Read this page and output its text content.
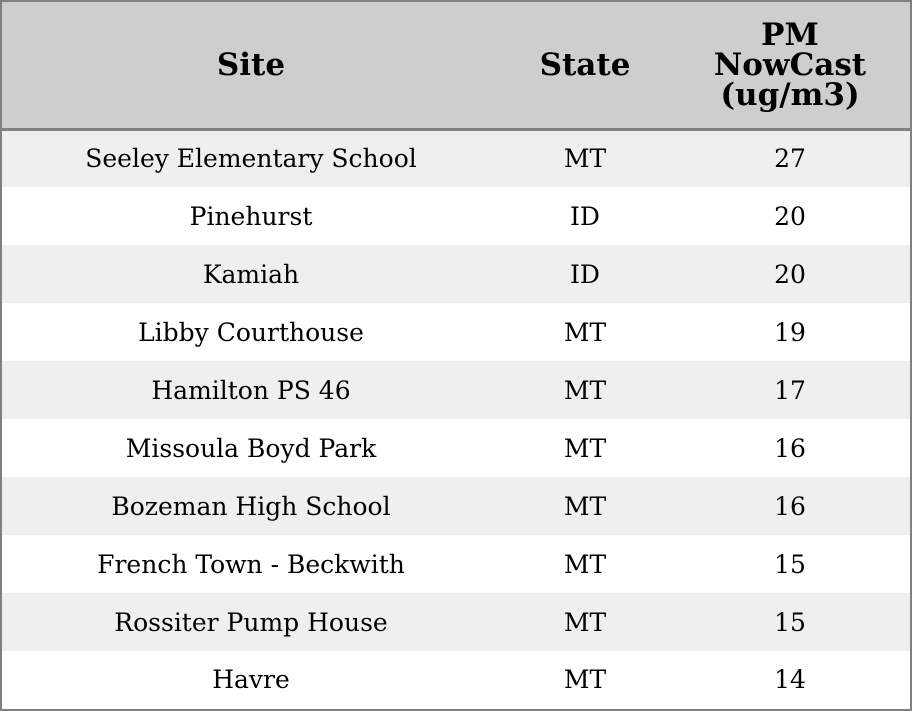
Site	State	PM
NowCast
(ug/m3)

Seeley Elementary School	MT	27
Pinehurst	ID	20
Kamiah	ID	20
Libby Courthouse	MT	19
Hamilton PS 46	MT	17
Missoula Boyd Park	MT	16
Bozeman High School	MT	16
French Town - Beckwith	MT	15
Rossiter Pump House	MT	15
Havre	MT	14
